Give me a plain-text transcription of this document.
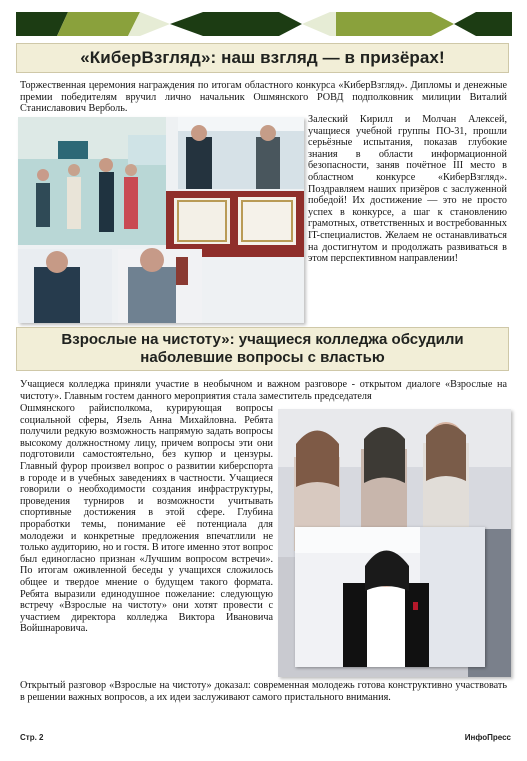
«КиберВзгляд»: наш взгляд — в призёрах!
Торжественная церемония награждения по итогам областного конкурса «КиберВзгляд». Дипломы и денежные премии победителям вручил лично начальник Ошмянского РОВД подполковник милиции Виталий Станиславович Верболь.
Залеский Кирилл и Молчан Алексей, учащиеся учебной группы ПО-31, прошли серьёзные испытания, показав глубокие знания в области информационной безопасности, заняв почётное III место в областном конкурсе «КиберВзгляд». Поздравляем наших призёров с заслуженной победой! Их достижение — это не просто успех в конкурсе, а шаг к становлению грамотных, ответственных и востребованных IT-специалистов. Желаем не останавливаться на достигнутом и продолжать развиваться в этом перспективном направлении!
Взрослые на чистоту»: учащиеся колледжа обсудили наболевшие вопросы с властью
Учащиеся колледжа приняли участие в необычном и важном разговоре - открытом диалоге «Взрослые на чистоту». Главным гостем данного мероприятия стала заместитель председателя
Ошмянского райисполкома, курирующая вопросы социальной сферы, Язель Анна Михайловна. Ребята получили редкую возможность напрямую задать вопросы высокому должностному лицу, причем вопросы эти они подготовили самостоятельно, без купюр и цензуры. Главный фурор произвел вопрос о развитии киберспорта в городе и в учебных заведениях в частности. Учащиеся говорили о необходимости создания инфраструктуры, проведения турниров и возможности учитывать спортивные достижения в этой сфере. Глубина проработки темы, понимание её потенциала для молодежи и конкретные предложения впечатлили не только аудиторию, но и гостя. В итоге именно этот вопрос был единогласно признан «Лучшим вопросом встречи». По итогам оживленной беседы у учащихся сложилось общее и твердое мнение о будущем такого формата. Ребята выразили единодушное пожелание: следующую встречу «Взрослые на чистоту» они хотят провести с участием директора колледжа Виктора Ивановича Войшнаровича.
Открытый разговор «Взрослые на чистоту» доказал: современная молодежь готова конструктивно участвовать в решении важных вопросов, а их идеи заслуживают самого пристального внимания.
Стр. 2	ИнфоПресс
